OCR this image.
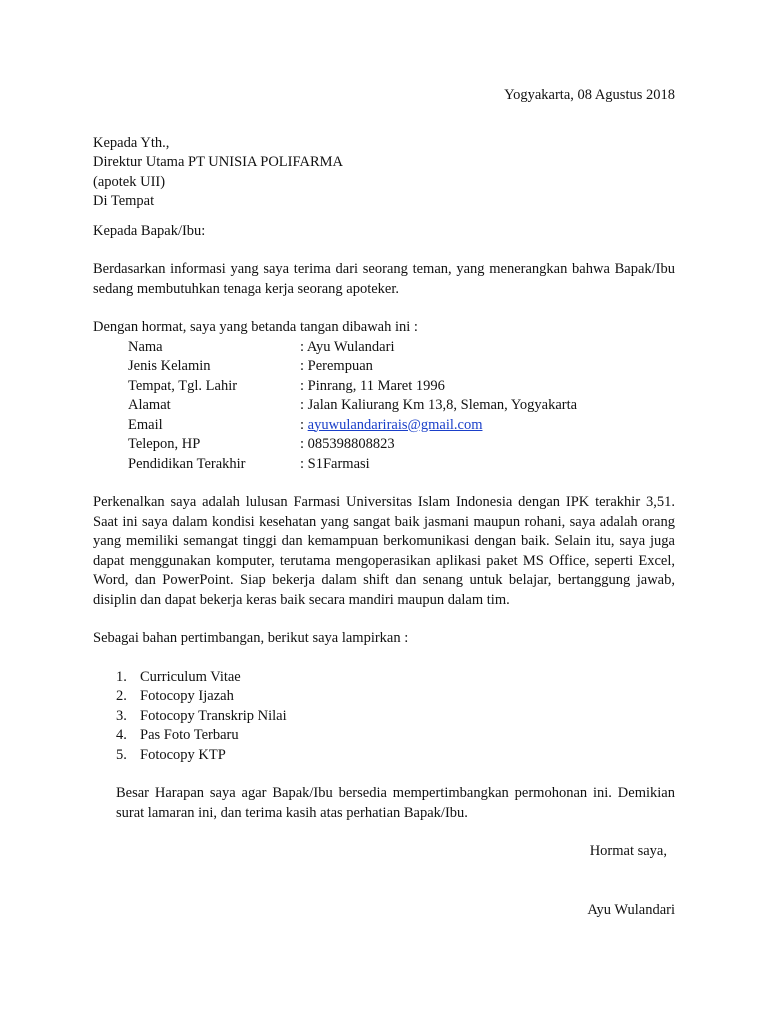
Yogyakarta, 08 Agustus 2018

Kepada Yth.,
Direktur Utama PT UNISIA POLIFARMA
(apotek UII)
Di Tempat
Kepada Bapak/Ibu:
Berdasarkan informasi yang saya terima dari seorang teman, yang menerangkan bahwa Bapak/Ibu sedang membutuhkan tenaga kerja seorang apoteker.
Dengan hormat, saya yang betanda tangan dibawah ini :
Nama	: Ayu Wulandari
Jenis Kelamin	: Perempuan
Tempat, Tgl. Lahir	: Pinrang, 11 Maret 1996
Alamat	: Jalan Kaliurang Km 13,8, Sleman, Yogyakarta
Email	: ayuwulandarirais@gmail.com
Telepon, HP	: 085398808823
Pendidikan Terakhir	: S1Farmasi
Perkenalkan saya adalah lulusan Farmasi Universitas Islam Indonesia dengan IPK terakhir 3,51. Saat ini saya dalam kondisi kesehatan yang sangat baik jasmani maupun rohani, saya adalah orang yang memiliki semangat tinggi dan kemampuan berkomunikasi dengan baik. Selain itu, saya juga dapat menggunakan komputer, terutama mengoperasikan aplikasi paket MS Office, seperti Excel, Word, dan PowerPoint. Siap bekerja dalam shift dan senang untuk belajar, bertanggung jawab, disiplin dan dapat bekerja keras baik secara mandiri maupun dalam tim.
Sebagai bahan pertimbangan, berikut saya lampirkan :
1. Curriculum Vitae
2. Fotocopy Ijazah
3. Fotocopy Transkrip Nilai
4. Pas Foto Terbaru
5. Fotocopy KTP
Besar Harapan saya agar Bapak/Ibu bersedia mempertimbangkan permohonan ini. Demikian surat lamaran ini, dan terima kasih atas perhatian Bapak/Ibu.
Hormat saya,
Ayu Wulandari
